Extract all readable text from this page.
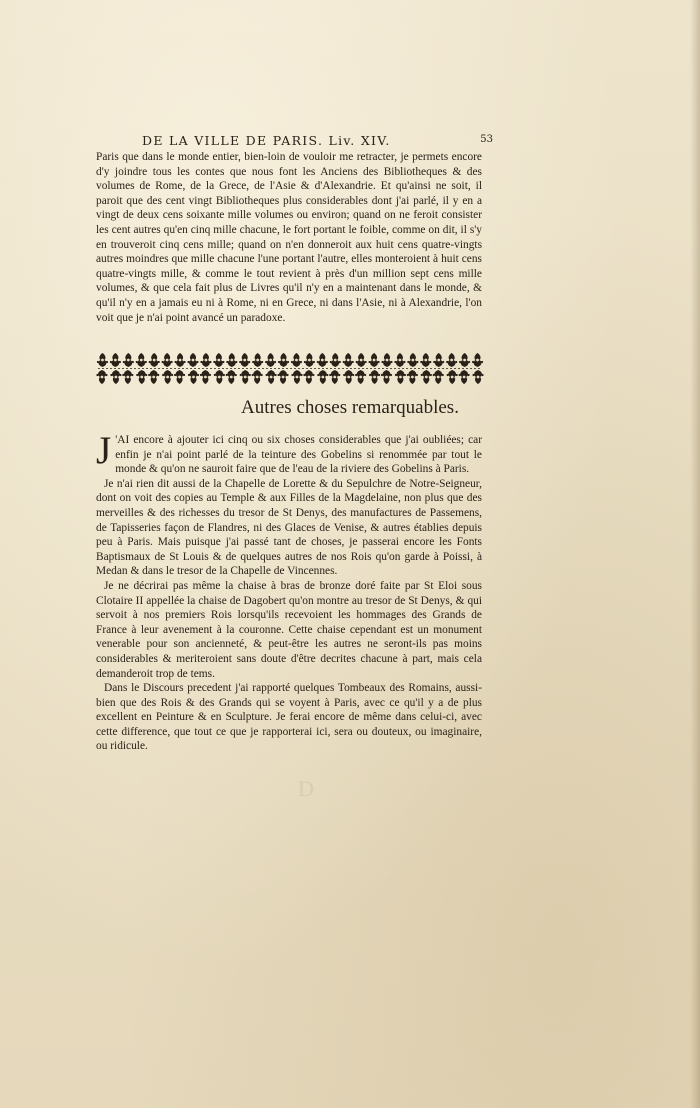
DE LA VILLE DE PARIS. Liv. XIV.	53

Paris que dans le monde entier, bien-loin de vouloir me retracter, je permets encore d'y joindre tous les contes que nous font les Anciens des Bibliotheques & des volumes de Rome, de la Grece, de l'Asie & d'Alexandrie. Et qu'ainsi ne soit, il paroit que des cent vingt Bibliotheques plus considerables dont j'ai parlé, il y en a vingt de deux cens soixante mille volumes ou environ; quand on ne feroit consister les cent autres qu'en cinq mille chacune, le fort portant le foible, comme on dit, il s'y en trouveroit cinq cens mille; quand on n'en donneroit aux huit cens quatre-vingts autres moindres que mille chacune l'une portant l'autre, elles monteroient à huit cens quatre-vingts mille, & comme le tout revient à près d'un million sept cens mille volumes, & que cela fait plus de Livres qu'il n'y en a maintenant dans le monde, & qu'il n'y en a jamais eu ni à Rome, ni en Grece, ni dans l'Asie, ni à Alexandrie, l'on voit que je n'ai point avancé un paradoxe.

Autres choses remarquables.

J 'AI encore à ajouter ici cinq ou six choses considerables que j'ai oubliées; car enfin je n'ai point parlé de la teinture des Gobelins si renommée par tout le monde & qu'on ne sauroit faire que de l'eau de la riviere des Gobelins à Paris.

Je n'ai rien dit aussi de la Chapelle de Lorette & du Sepulchre de Notre-Seigneur, dont on voit des copies au Temple & aux Filles de la Magdelaine, non plus que des merveilles & des richesses du tresor de St Denys, des manufactures de Passemens, de Tapisseries façon de Flandres, ni des Glaces de Venise, & autres établies depuis peu à Paris. Mais puisque j'ai passé tant de choses, je passerai encore les Fonts Baptismaux de St Louis & de quelques autres de nos Rois qu'on garde à Poissi, à Medan & dans le tresor de la Chapelle de Vincennes.

Je ne décrirai pas même la chaise à bras de bronze doré faite par St Eloi sous Clotaire II appellée la chaise de Dagobert qu'on montre au tresor de St Denys, & qui servoit à nos premiers Rois lorsqu'ils recevoient les hommages des Grands de France à leur avenement à la couronne. Cette chaise cependant est un monument venerable pour son ancienneté, & peut-être les autres ne seront-ils pas moins considerables & meriteroient sans doute d'être decrites chacune à part, mais cela demanderoit trop de tems.

Dans le Discours precedent j'ai rapporté quelques Tombeaux des Romains, aussi-bien que des Rois & des Grands qui se voyent à Paris, avec ce qu'il y a de plus excellent en Peinture & en Sculpture. Je ferai encore de même dans celui-ci, avec cette difference, que tout ce que je rapporterai ici, sera ou douteux, ou imaginaire, ou ridicule.

D
